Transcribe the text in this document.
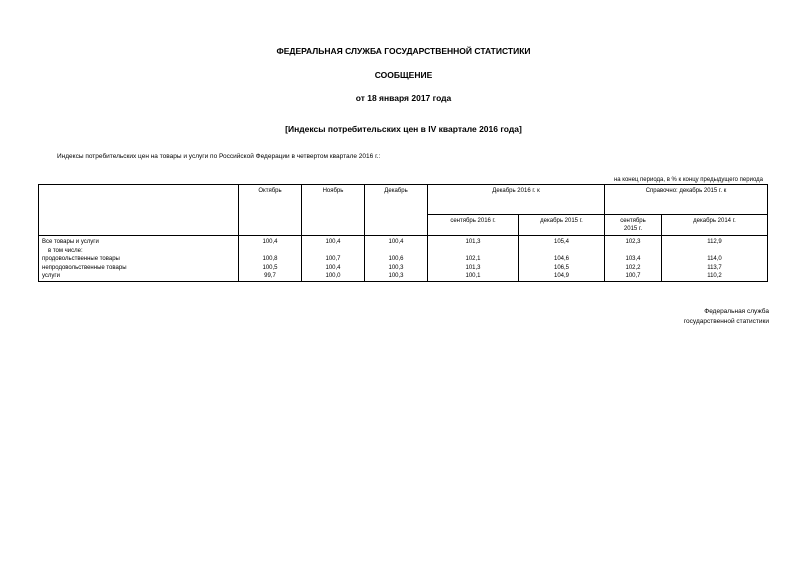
ФЕДЕРАЛЬНАЯ СЛУЖБА ГОСУДАРСТВЕННОЙ СТАТИСТИКИ
СООБЩЕНИЕ
от 18 января 2017 года
[Индексы потребительских цен в IV квартале 2016 года]
Индексы потребительских цен на товары и услуги по Российской Федерации в четвертом квартале 2016 г.:
на конец периода, в % к концу предыдущего периода
	Октябрь	Ноябрь	Декабрь	Декабрь 2016 г. к		Справочно: декабрь 2015 г. к	
				сентябрь 2016 г.	декабрь 2015 г.	сентябрь 2015 г.	декабрь 2014 г.
Все товары и услуги	100,4	100,4	100,4	101,3	105,4	102,3	112,9
в том числе:							
продовольственные товары	100,8	100,7	100,6	102,1	104,6	103,4	114,0
непродовольственные товары	100,5	100,4	100,3	101,3	106,5	102,2	113,7
услуги	99,7	100,0	100,3	100,1	104,9	100,7	110,2
Федеральная служба
государственной статистики
